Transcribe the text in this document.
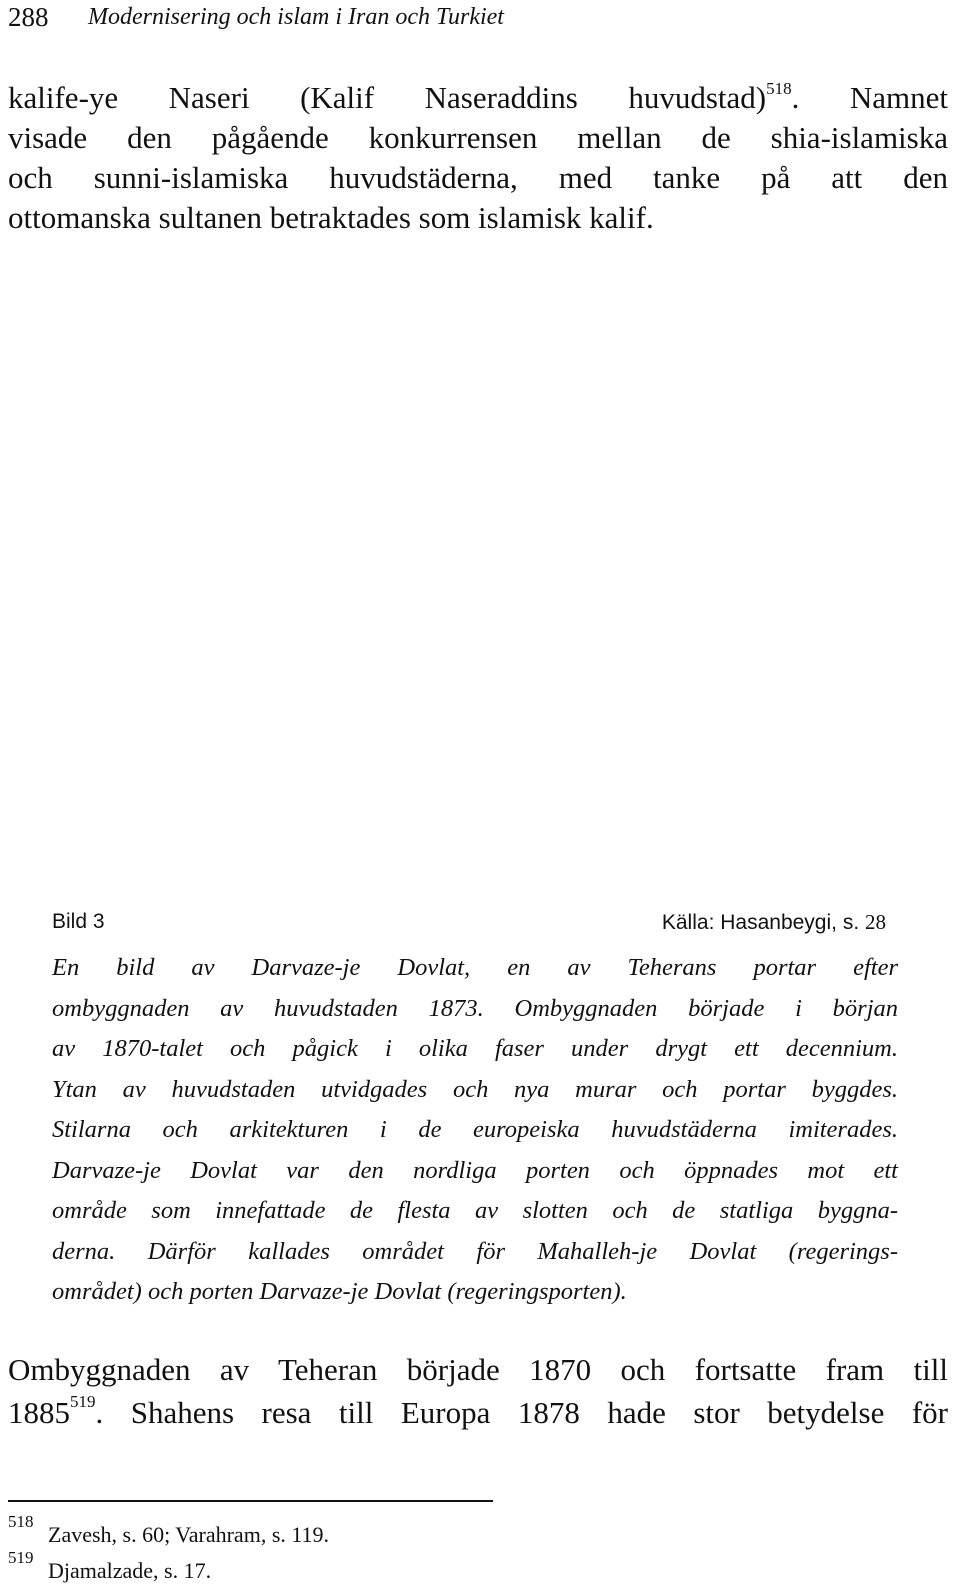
288 Modernisering och islam i Iran och Turkiet
kalife-ye Naseri (Kalif Naseraddins huvudstad)$^{518}$. Namnet
visade den pågående konkurrensen mellan de shia-islamiska
och sunni-islamiska huvudstäderna, med tanke på att den
ottomanska sultanen betraktades som islamisk kalif.
Bild 3	Källa: Hasanbeygi, s. 28
En bild av Darvaze-je Dovlat, en av Teherans portar efter
ombyggnaden av huvudstaden 1873. Ombyggnaden började i början
av 1870-talet och pågick i olika faser under drygt ett decennium.
Ytan av huvudstaden utvidgades och nya murar och portar byggdes.
Stilarna och arkitekturen i de europeiska huvudstäderna imiterades.
Darvaze-je Dovlat var den nordliga porten och öppnades mot ett
område som innefattade de flesta av slotten och de statliga byggna-
derna. Därför kallades området för Mahalleh-je Dovlat (regerings-
området) och porten Darvaze-je Dovlat (regeringsporten).
Ombyggnaden av Teheran började 1870 och fortsatte fram till
1885$^{519}$. Shahens resa till Europa 1878 hade stor betydelse för
518
Zavesh, s. 60; Varahram, s. 119.
519
Djamalzade, s. 17.
